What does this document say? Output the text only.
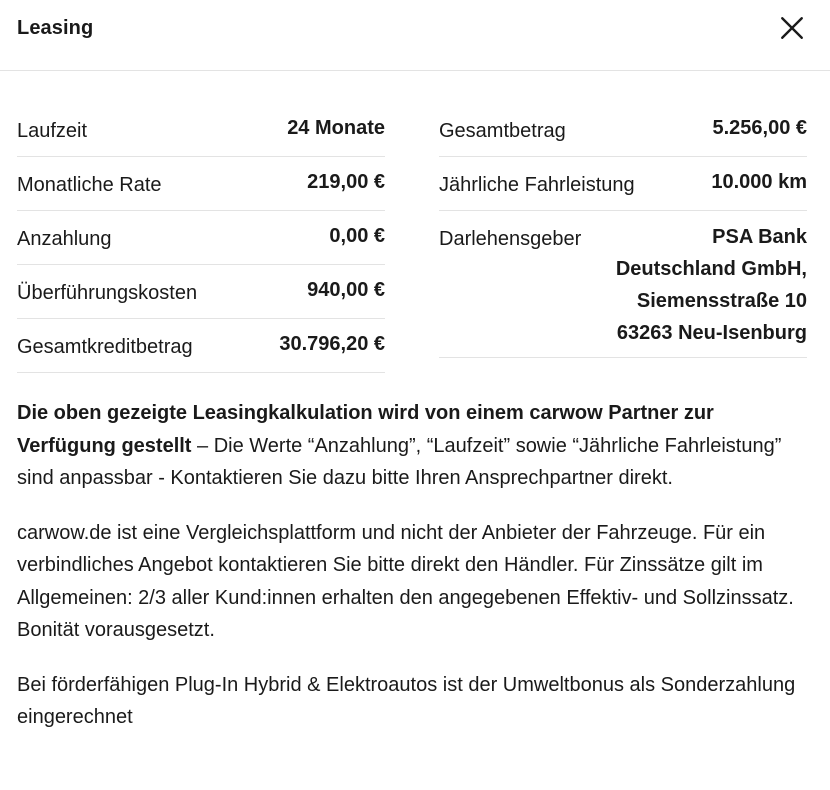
Leasing
Laufzeit	24 Monate
Monatliche Rate	219,00 €
Anzahlung	0,00 €
Überführungskosten	940,00 €
Gesamtkreditbetrag	30.796,20 €
Gesamtbetrag	5.256,00 €
Jährliche Fahrleistung	10.000 km
Darlehensgeber	PSA Bank Deutschland GmbH, Siemensstraße 10 63263 Neu-Isenburg

Die oben gezeigte Leasingkalkulation wird von einem carwow Partner zur Verfügung gestellt – Die Werte “Anzahlung”, “Laufzeit” sowie “Jährliche Fahrleistung” sind anpassbar - Kontaktieren Sie dazu bitte Ihren Ansprechpartner direkt.

carwow.de ist eine Vergleichsplattform und nicht der Anbieter der Fahrzeuge. Für ein verbindliches Angebot kontaktieren Sie bitte direkt den Händler. Für Zinssätze gilt im Allgemeinen: 2/3 aller Kund:innen erhalten den angegebenen Effektiv- und Sollzinssatz. Bonität vorausgesetzt.

Bei förderfähigen Plug-In Hybrid & Elektroautos ist der Umweltbonus als Sonderzahlung eingerechnet
